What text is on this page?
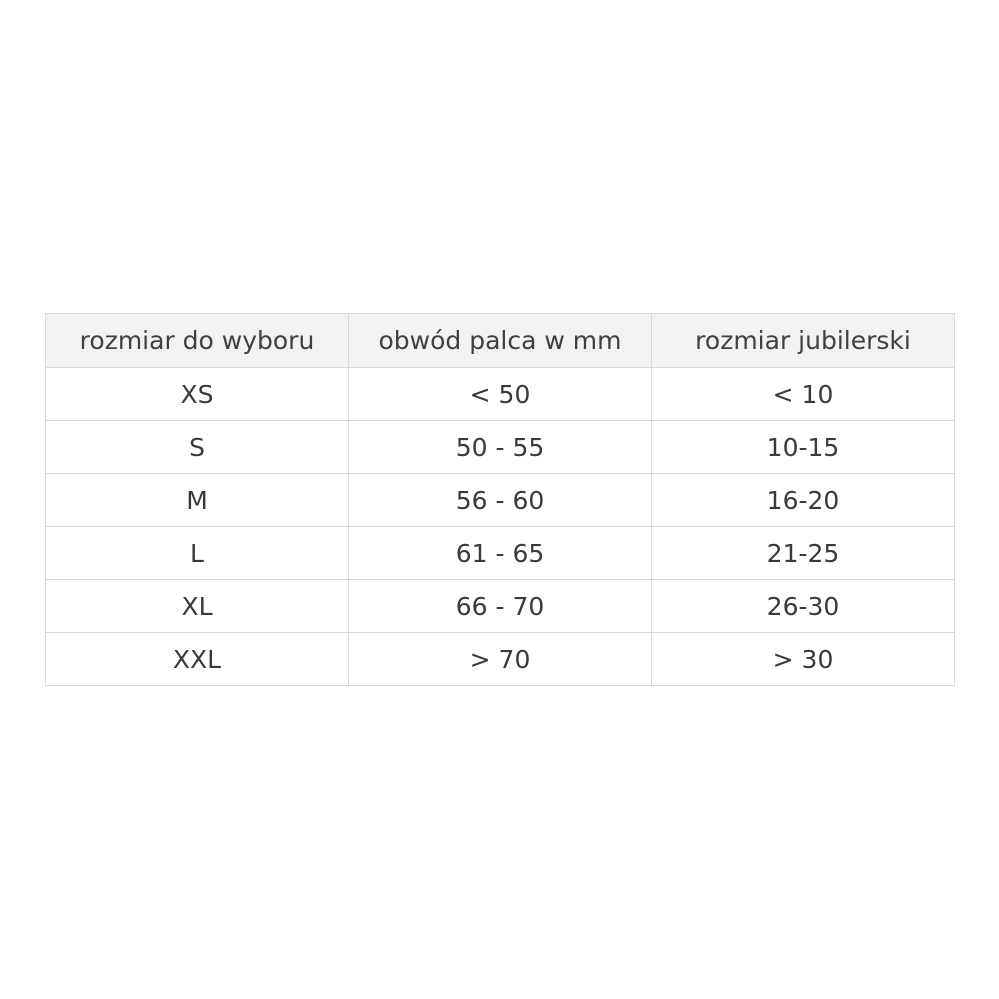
rozmiar do wyboru	obwód palca w mm	rozmiar jubilerski
XS	< 50	< 10
S	50 - 55	10-15
M	56 - 60	16-20
L	61 - 65	21-25
XL	66 - 70	26-30
XXL	> 70	> 30
